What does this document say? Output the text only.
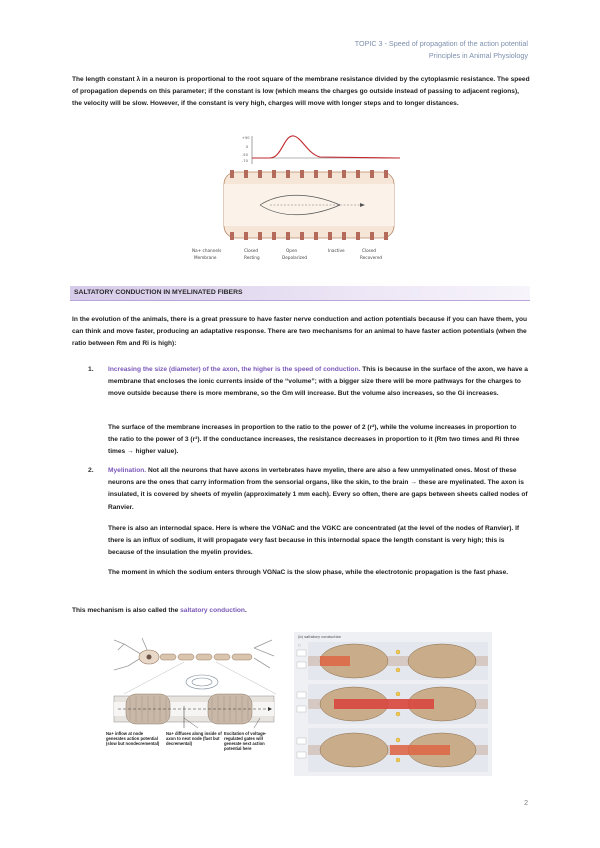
TOPIC 3 - Speed of propagation of the action potential
Principles in Animal Physiology
The length constant λ in a neuron is proportional to the root square of the membrane resistance divided by the cytoplasmic resistance. The speed of propagation depends on this parameter; if the constant is low (which means the charges go outside instead of passing to adjacent regions), the velocity will be slow. However, if the constant is very high, charges will move with longer steps and to longer distances.
+50
0
-50
-70
Na+ channels	Closed	Open	Inactive	Closed
Membrane	Resting	Depolarized	Recovered
SALTATORY CONDUCTION IN MYELINATED FIBERS
In the evolution of the animals, there is a great pressure to have faster nerve conduction and action potentials because if you can have them, you can think and move faster, producing an adaptative response. There are two mechanisms for an animal to have faster action potentials (when the ratio between Rm and Ri is high):
1. Increasing the size (diameter) of the axon, the higher is the speed of conduction. This is because in the surface of the axon, we have a membrane that encloses the ionic currents inside of the “volume”; with a bigger size there will be more pathways for the charges to move outside because there is more membrane, so the Gm will increase. But the volume also increases, so the Gi increases.
The surface of the membrane increases in proportion to the ratio to the power of 2 (r²), while the volume increases in proportion to the ratio to the power of 3 (r³). If the conductance increases, the resistance decreases in proportion to it (Rm two times and Ri three times → higher value).
2. Myelination. Not all the neurons that have axons in vertebrates have myelin, there are also a few unmyelinated ones. Most of these neurons are the ones that carry information from the sensorial organs, like the skin, to the brain → these are myelinated. The axon is insulated, it is covered by sheets of myelin (approximately 1 mm each). Every so often, there are gaps between sheets called nodes of Ranvier.
There is also an internodal space. Here is where the VGNaC and the VGKC are concentrated (at the level of the nodes of Ranvier). If there is an influx of sodium, it will propagate very fast because in this internodal space the length constant is very high; this is because of the insulation the myelin provides.
The moment in which the sodium enters through VGNaC is the slow phase, while the electrotonic propagation is the fast phase.
This mechanism is also called the saltatory conduction.
Na+ inflow at node generates action potential (slow but nondecremental)
Na+ diffuses along inside of axon to next node (fast but decremental)
Excitation of voltage-regulated gates will generate next action potential here
(b) saltatory conduction
▢
2
